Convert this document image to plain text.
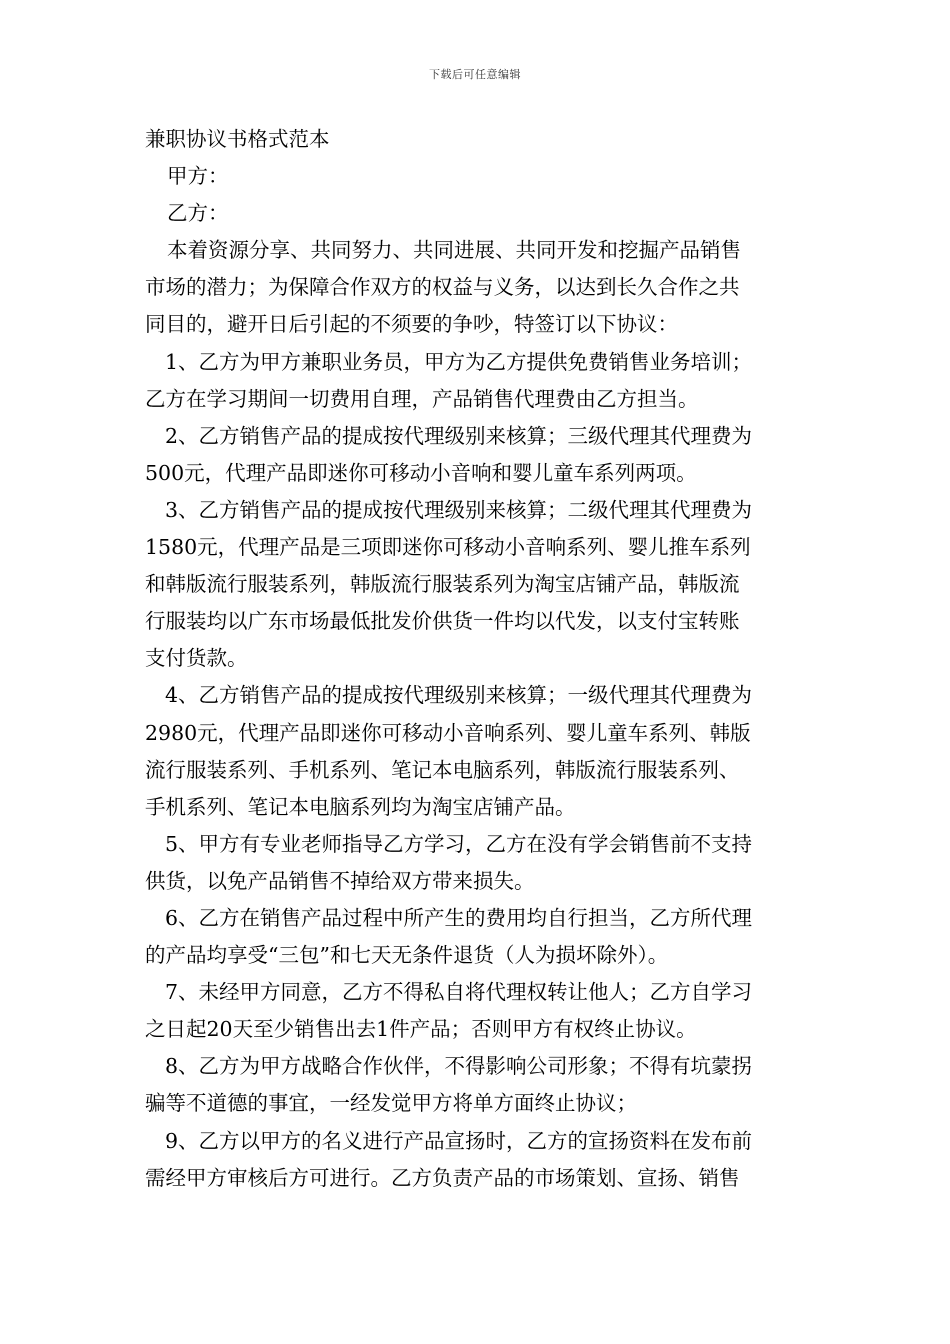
下载后可任意编辑
兼职协议书格式范本
甲方：
乙方：
本着资源分享、共同努力、共同进展、共同开发和挖掘产品销售
市场的潜力；为保障合作双方的权益与义务，以达到长久合作之共
同目的，避开日后引起的不须要的争吵，特签订以下协议：
1、乙方为甲方兼职业务员，甲方为乙方提供免费销售业务培训；
乙方在学习期间一切费用自理，产品销售代理费由乙方担当。
2、乙方销售产品的提成按代理级别来核算；三级代理其代理费为
500元，代理产品即迷你可移动小音响和婴儿童车系列两项。
3、乙方销售产品的提成按代理级别来核算；二级代理其代理费为
1580元，代理产品是三项即迷你可移动小音响系列、婴儿推车系列
和韩版流行服装系列，韩版流行服装系列为淘宝店铺产品，韩版流
行服装均以广东市场最低批发价供货一件均以代发，以支付宝转账
支付货款。
4、乙方销售产品的提成按代理级别来核算；一级代理其代理费为
2980元，代理产品即迷你可移动小音响系列、婴儿童车系列、韩版
流行服装系列、手机系列、笔记本电脑系列，韩版流行服装系列、
手机系列、笔记本电脑系列均为淘宝店铺产品。
5、甲方有专业老师指导乙方学习，乙方在没有学会销售前不支持
供货，以免产品销售不掉给双方带来损失。
6、乙方在销售产品过程中所产生的费用均自行担当，乙方所代理
的产品均享受“三包”和七天无条件退货（人为损坏除外）。
7、未经甲方同意，乙方不得私自将代理权转让他人；乙方自学习
之日起20天至少销售出去1件产品；否则甲方有权终止协议。
8、乙方为甲方战略合作伙伴，不得影响公司形象；不得有坑蒙拐
骗等不道德的事宜，一经发觉甲方将单方面终止协议；
9、乙方以甲方的名义进行产品宣扬时，乙方的宣扬资料在发布前
需经甲方审核后方可进行。乙方负责产品的市场策划、宣扬、销售
